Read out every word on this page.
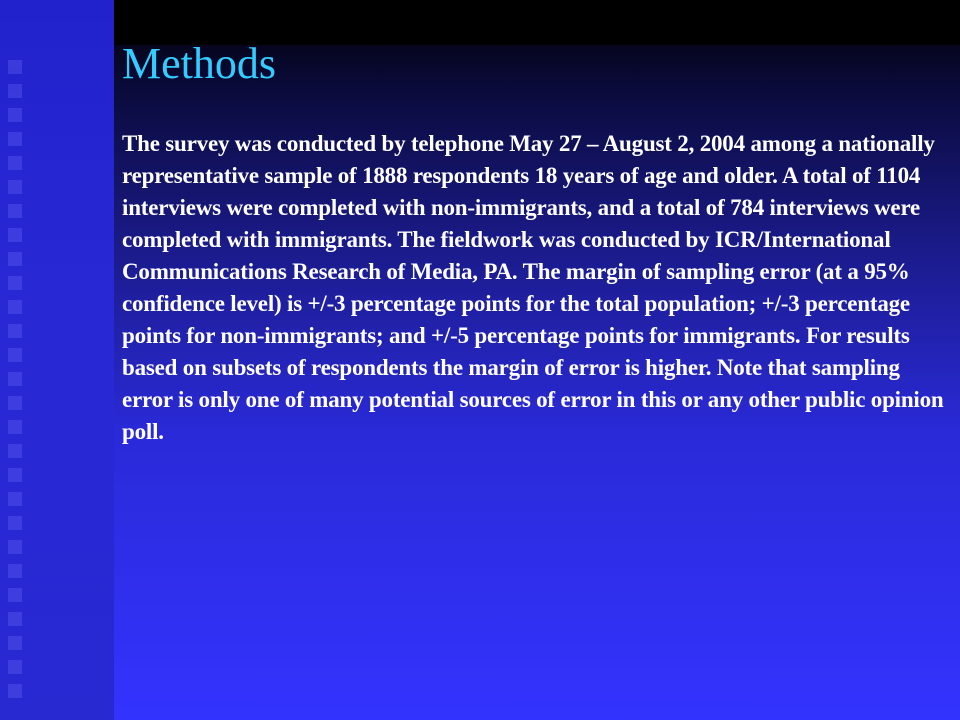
Methods

The survey was conducted by telephone May 27 – August 2, 2004 among a nationally representative sample of 1888 respondents 18 years of age and older. A total of 1104 interviews were completed with non-immigrants, and a total of 784 interviews were completed with immigrants. The fieldwork was conducted by ICR/International Communications Research of Media, PA. The margin of sampling error (at a 95% confidence level) is +/-3 percentage points for the total population; +/-3 percentage points for non-immigrants; and +/-5 percentage points for immigrants. For results based on subsets of respondents the margin of error is higher. Note that sampling error is only one of many potential sources of error in this or any other public opinion poll.
